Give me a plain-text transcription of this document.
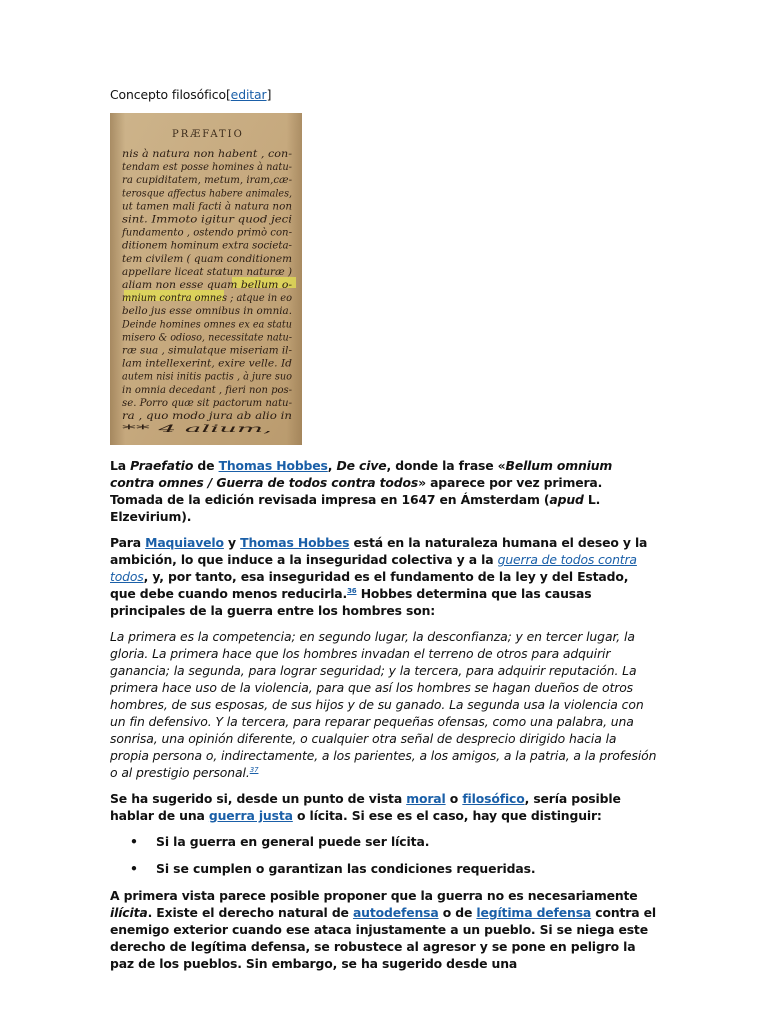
Concepto filosófico[editar]
PRÆFATIO
nis à natura non habent , con-
tendam est posse homines à natu-
ra cupiditatem, metum, iram,cæ-
terosque affectus habere animales,
ut tamen mali facti à natura non
sint. Immoto igitur quod jeci
fundamento , ostendo primò con-
ditionem hominum extra societa-
tem civilem ( quam conditionem
appellare liceat statum naturæ )
aliam non esse quam bellum o-
mnium contra omnes ; atque in eo
bello jus esse omnibus in omnia.
Deinde homines omnes ex ea statu
misero & odioso, necessitate natu-
ræ sua , simulatque miseriam il-
lam intellexerint, exire velle. Id
autem nisi initis pactis , à jure suo
in omnia decedant , fieri non pos-
se. Porro quæ sit pactorum natu-
ra , quo modo jura ab alio in
** 4 alium,

La Praefatio de Thomas Hobbes, De cive, donde la frase «Bellum omnium contra omnes / Guerra de todos contra todos» aparece por vez primera. Tomada de la edición revisada impresa en 1647 en Ámsterdam (apud L. Elzevirium).

Para Maquiavelo y Thomas Hobbes está en la naturaleza humana el deseo y la ambición, lo que induce a la inseguridad colectiva y a la guerra de todos contra todos, y, por tanto, esa inseguridad es el fundamento de la ley y del Estado, que debe cuando menos reducirla.$^{36}$ Hobbes determina que las causas principales de la guerra entre los hombres son:

La primera es la competencia; en segundo lugar, la desconfianza; y en tercer lugar, la gloria. La primera hace que los hombres invadan el terreno de otros para adquirir ganancia; la segunda, para lograr seguridad; y la tercera, para adquirir reputación. La primera hace uso de la violencia, para que así los hombres se hagan dueños de otros hombres, de sus esposas, de sus hijos y de su ganado. La segunda usa la violencia con un fin defensivo. Y la tercera, para reparar pequeñas ofensas, como una palabra, una sonrisa, una opinión diferente, o cualquier otra señal de desprecio dirigido hacia la propia persona o, indirectamente, a los parientes, a los amigos, a la patria, a la profesión o al prestigio personal.$^{37}$

Se ha sugerido si, desde un punto de vista moral o filosófico, sería posible hablar de una guerra justa o lícita. Si ese es el caso, hay que distinguir:

• Si la guerra en general puede ser lícita.
• Si se cumplen o garantizan las condiciones requeridas.

A primera vista parece posible proponer que la guerra no es necesariamente ilícita. Existe el derecho natural de autodefensa o de legítima defensa contra el enemigo exterior cuando ese ataca injustamente a un pueblo. Si se niega este derecho de legítima defensa, se robustece al agresor y se pone en peligro la paz de los pueblos. Sin embargo, se ha sugerido desde una
